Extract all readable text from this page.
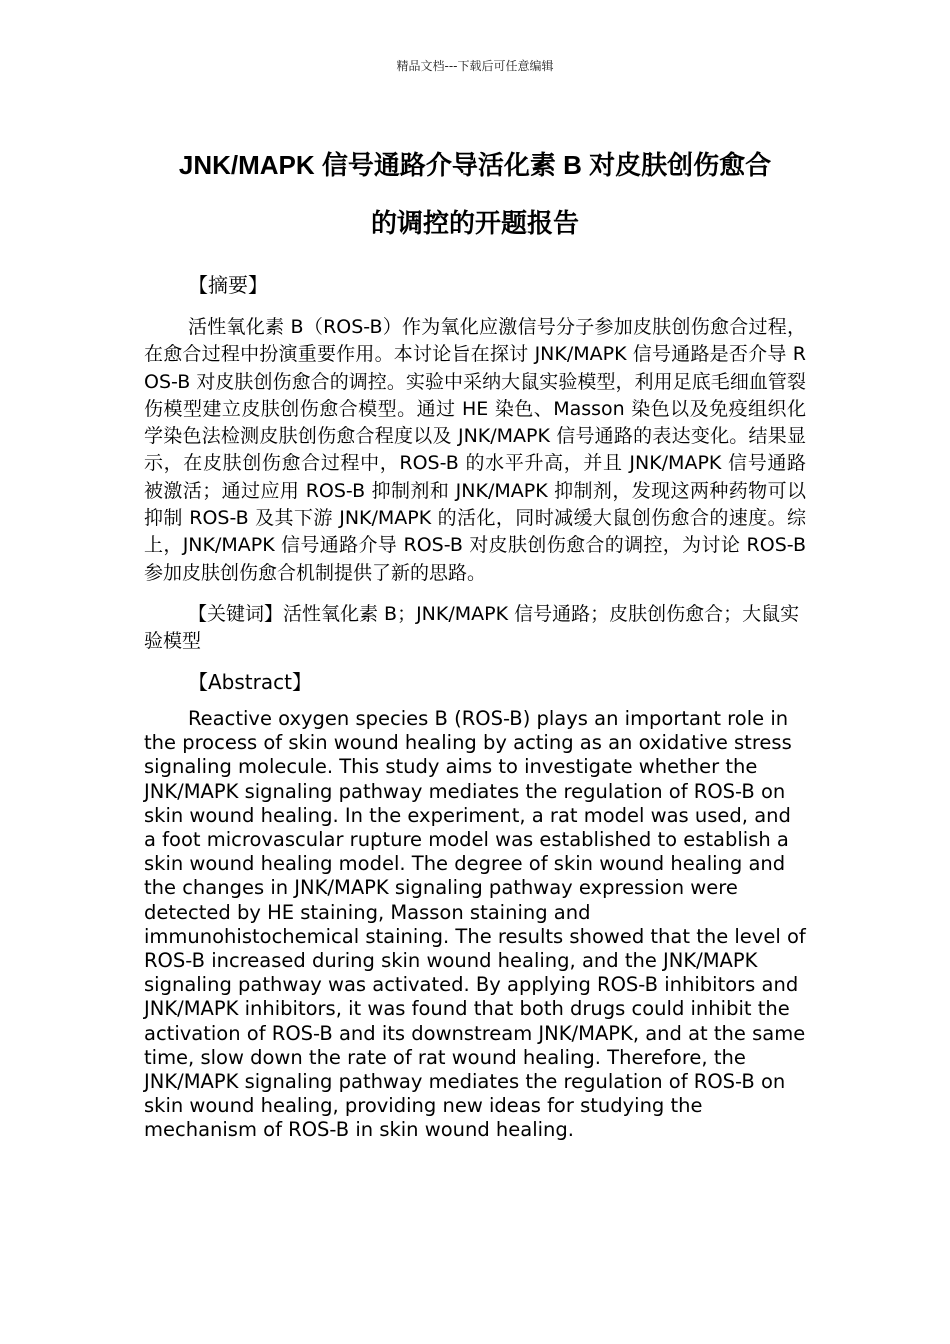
精品文档---下载后可任意编辑
JNK/MAPK 信号通路介导活化素 B 对皮肤创伤愈合
的调控的开题报告
【摘要】

活性氧化素 B（ROS-B）作为氧化应激信号分子参加皮肤创伤愈合过程，在愈合过程中扮演重要作用。本讨论旨在探讨 JNK/MAPK 信号通路是否介导 ROS-B 对皮肤创伤愈合的调控。实验中采纳大鼠实验模型，利用足底毛细血管裂伤模型建立皮肤创伤愈合模型。通过 HE 染色、Masson 染色以及免疫组织化学染色法检测皮肤创伤愈合程度以及 JNK/MAPK 信号通路的表达变化。结果显示，在皮肤创伤愈合过程中，ROS-B 的水平升高，并且 JNK/MAPK 信号通路被激活；通过应用 ROS-B 抑制剂和 JNK/MAPK 抑制剂，发现这两种药物可以抑制 ROS-B 及其下游 JNK/MAPK 的活化，同时减缓大鼠创伤愈合的速度。综上，JNK/MAPK 信号通路介导 ROS-B 对皮肤创伤愈合的调控，为讨论 ROS-B 参加皮肤创伤愈合机制提供了新的思路。

【关键词】活性氧化素 B；JNK/MAPK 信号通路；皮肤创伤愈合；大鼠实验模型

【Abstract】

Reactive oxygen species B (ROS-B) plays an important role in the process of skin wound healing by acting as an oxidative stress signaling molecule. This study aims to investigate whether the JNK/MAPK signaling pathway mediates the regulation of ROS-B on skin wound healing. In the experiment, a rat model was used, and a foot microvascular rupture model was established to establish a skin wound healing model. The degree of skin wound healing and the changes in JNK/MAPK signaling pathway expression were detected by HE staining, Masson staining and immunohistochemical staining. The results showed that the level of ROS-B increased during skin wound healing, and the JNK/MAPK signaling pathway was activated. By applying ROS-B inhibitors and JNK/MAPK inhibitors, it was found that both drugs could inhibit the activation of ROS-B and its downstream JNK/MAPK, and at the same time, slow down the rate of rat wound healing. Therefore, the JNK/MAPK signaling pathway mediates the regulation of ROS-B on skin wound healing, providing new ideas for studying the mechanism of ROS-B in skin wound healing.
